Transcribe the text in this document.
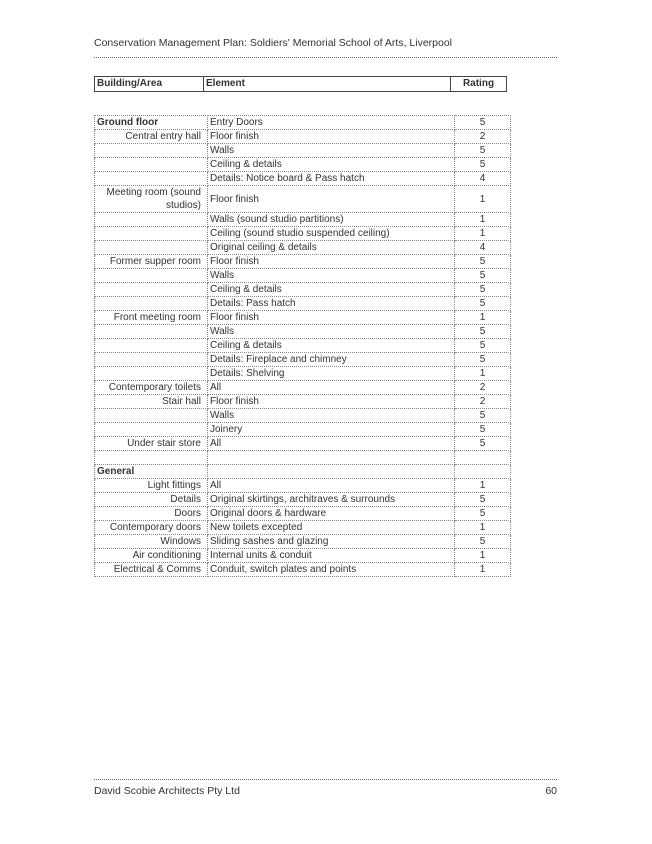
Conservation Management Plan: Soldiers' Memorial School of Arts, Liverpool
Building/Area	Element	Rating
Ground floor	Entry Doors	5
Central entry hall	Floor finish	2
	Walls	5
	Ceiling & details	5
	Details: Notice board & Pass hatch	4
Meeting room (sound studios)	Floor finish	1
	Walls (sound studio partitions)	1
	Ceiling (sound studio suspended ceiling)	1
	Original ceiling & details	4
Former supper room	Floor finish	5
	Walls	5
	Ceiling & details	5
	Details: Pass hatch	5
Front meeting room	Floor finish	1
	Walls	5
	Ceiling & details	5
	Details: Fireplace and chimney	5
	Details: Shelving	1
Contemporary toilets	All	2
Stair hall	Floor finish	2
	Walls	5
	Joinery	5
Under stair store	All	5

General		
Light fittings	All	1
Details	Original skirtings, architraves & surrounds	5
Doors	Original doors & hardware	5
Contemporary doors	New toilets excepted	1
Windows	Sliding sashes and glazing	5
Air conditioning	Internal units & conduit	1
Electrical & Comms	Conduit, switch plates and points	1
David Scobie Architects Pty Ltd	60
